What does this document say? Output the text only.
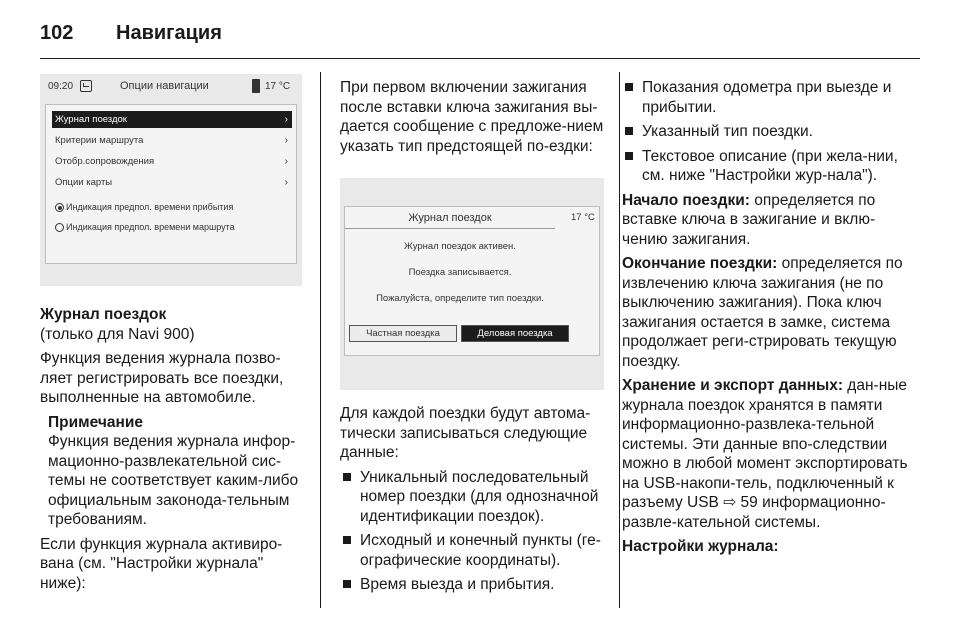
102 Навигация
09:20	Опции навигации	17 °C
Журнал поездок	›
Критерии маршрута	›
Отобр.сопровождения	›
Опции карты	›
Индикация предпол. времени прибытия
Индикация предпол. времени маршрута
Журнал поездок

(только для Navi 900)

Функция ведения журнала позво-ляет регистрировать все поездки, выполненные на автомобиле.

Примечание
Функция ведения журнала инфор-мационно-развлекательной сис-темы не соответствует каким-либо официальным законода-тельным требованиям.

Если функция журнала активиро-вана (см. "Настройки журнала" ниже):

При первом включении зажигания после вставки ключа зажигания вы-дается сообщение с предложе-нием указать тип предстоящей по-ездки:

Журнал поездок	17 °C
Журнал поездок активен.
Поездка записывается.
Пожалуйста, определите тип поездки.
Частная поездка	Деловая поездка

Для каждой поездки будут автома-тически записываться следующие данные:

Уникальный последовательный номер поездки (для однозначной идентификации поездок).
Исходный и конечный пункты (ге-ографические координаты).
Время выезда и прибытия.
Показания одометра при выезде и прибытии.
Указанный тип поездки.
Текстовое описание (при жела-нии, см. ниже "Настройки жур-нала").

Начало поездки: определяется по вставке ключа в зажигание и вклю-чению зажигания.

Окончание поездки: определяется по извлечению ключа зажигания (не по выключению зажигания). Пока ключ зажигания остается в замке, система продолжает реги-стрировать текущую поездку.

Хранение и экспорт данных: дан-ные журнала поездок хранятся в памяти информационно-развлека-тельной системы. Эти данные впо-следствии можно в любой момент экспортировать на USB-накопи-тель, подключенный к разъему USB ⇨ 59 информационно-развле-кательной системы.

Настройки журнала:
